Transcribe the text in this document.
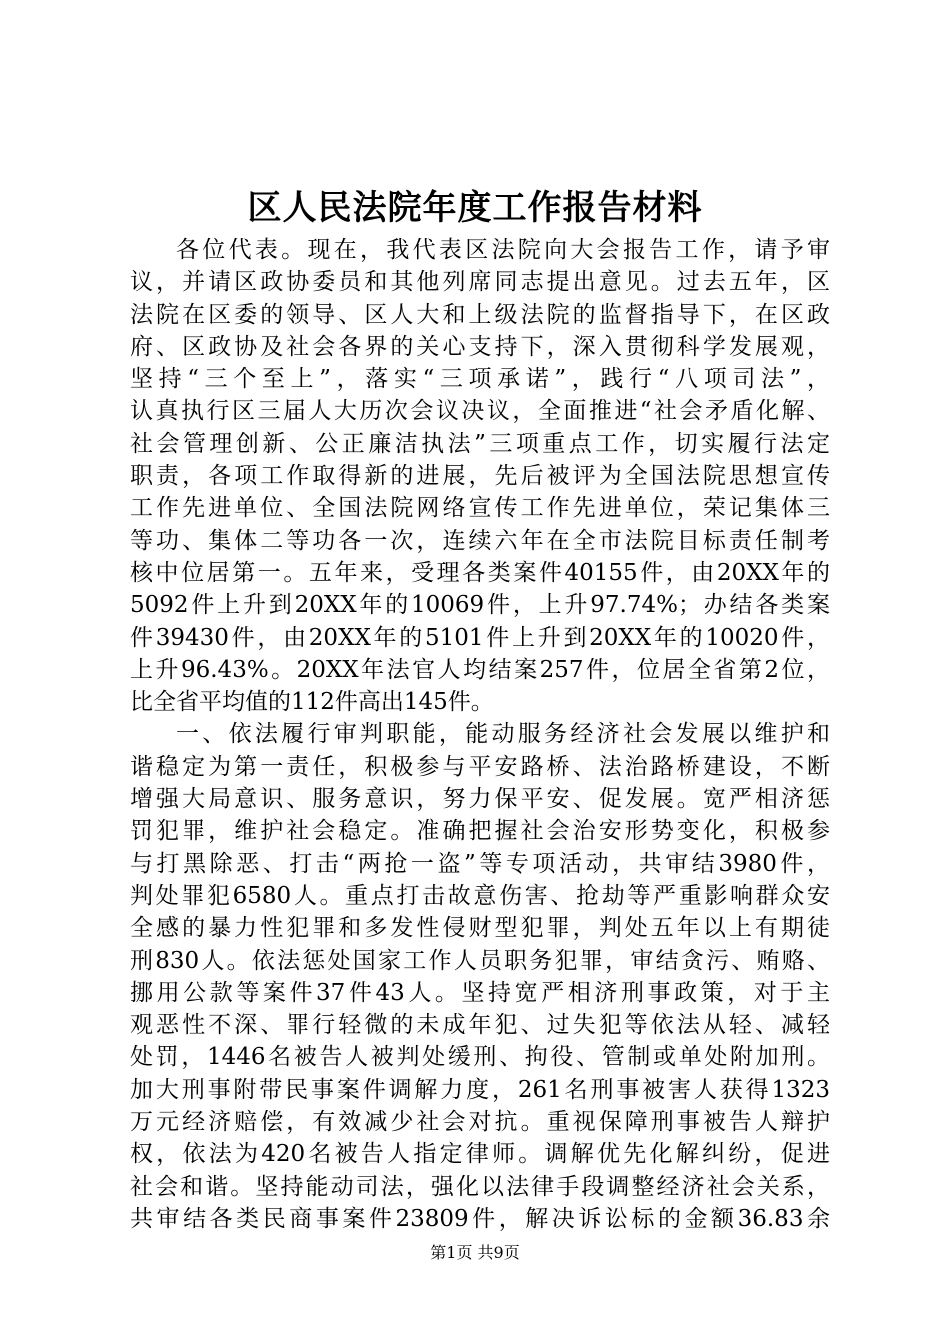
区人民法院年度工作报告材料
各位代表。现在，我代表区法院向大会报告工作，请予审
议，并请区政协委员和其他列席同志提出意见。过去五年，区
法院在区委的领导、区人大和上级法院的监督指导下，在区政
府、区政协及社会各界的关心支持下，深入贯彻科学发展观，
坚持“三个至上”，落实“三项承诺”，践行“八项司法”，
认真执行区三届人大历次会议决议，全面推进“社会矛盾化解、
社会管理创新、公正廉洁执法”三项重点工作，切实履行法定
职责，各项工作取得新的进展，先后被评为全国法院思想宣传
工作先进单位、全国法院网络宣传工作先进单位，荣记集体三
等功、集体二等功各一次，连续六年在全市法院目标责任制考
核中位居第一。五年来，受理各类案件40155件，由20XX年的
5092件上升到20XX年的10069件，上升97.74%；办结各类案
件39430件，由20XX年的5101件上升到20XX年的10020件，
上升96.43%。20XX年法官人均结案257件，位居全省第2位，
比全省平均值的112件高出145件。
一、依法履行审判职能，能动服务经济社会发展以维护和
谐稳定为第一责任，积极参与平安路桥、法治路桥建设，不断
增强大局意识、服务意识，努力保平安、促发展。宽严相济惩
罚犯罪，维护社会稳定。准确把握社会治安形势变化，积极参
与打黑除恶、打击“两抢一盗”等专项活动，共审结3980件，
判处罪犯6580人。重点打击故意伤害、抢劫等严重影响群众安
全感的暴力性犯罪和多发性侵财型犯罪，判处五年以上有期徒
刑830人。依法惩处国家工作人员职务犯罪，审结贪污、贿赂、
挪用公款等案件37件43人。坚持宽严相济刑事政策，对于主
观恶性不深、罪行轻微的未成年犯、过失犯等依法从轻、减轻
处罚，1446名被告人被判处缓刑、拘役、管制或单处附加刑。
加大刑事附带民事案件调解力度，261名刑事被害人获得1323
万元经济赔偿，有效减少社会对抗。重视保障刑事被告人辩护
权，依法为420名被告人指定律师。调解优先化解纠纷，促进
社会和谐。坚持能动司法，强化以法律手段调整经济社会关系，
共审结各类民商事案件23809件，解决诉讼标的金额36.83余
第1页 共9页
